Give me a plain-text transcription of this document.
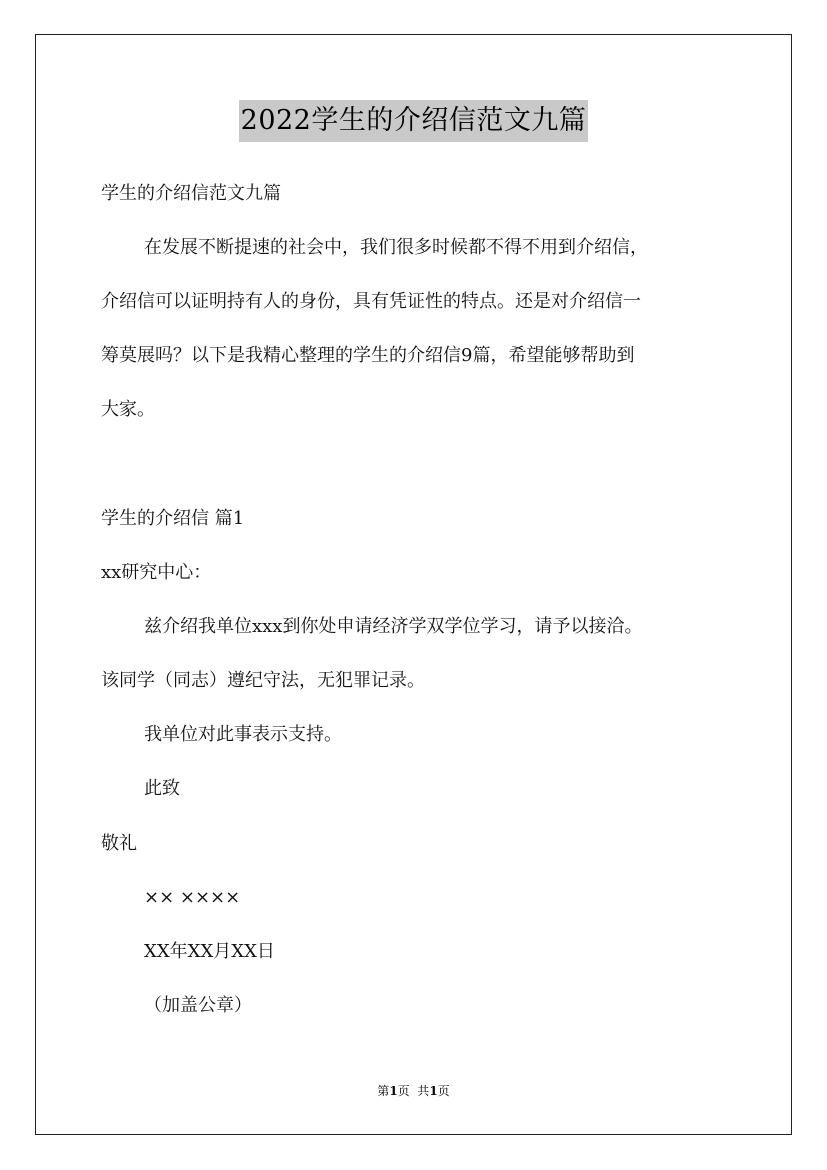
2022学生的介绍信范文九篇
学生的介绍信范文九篇
在发展不断提速的社会中，我们很多时候都不得不用到介绍信，
介绍信可以证明持有人的身份，具有凭证性的特点。还是对介绍信一
筹莫展吗？以下是我精心整理的学生的介绍信9篇，希望能够帮助到
大家。
学生的介绍信 篇1
xx研究中心：
兹介绍我单位xxx到你处申请经济学双学位学习，请予以接洽。
该同学（同志）遵纪守法，无犯罪记录。
我单位对此事表示支持。
此致
敬礼
×× ××××
XX年XX月XX日
（加盖公章）
第1页  共1页
